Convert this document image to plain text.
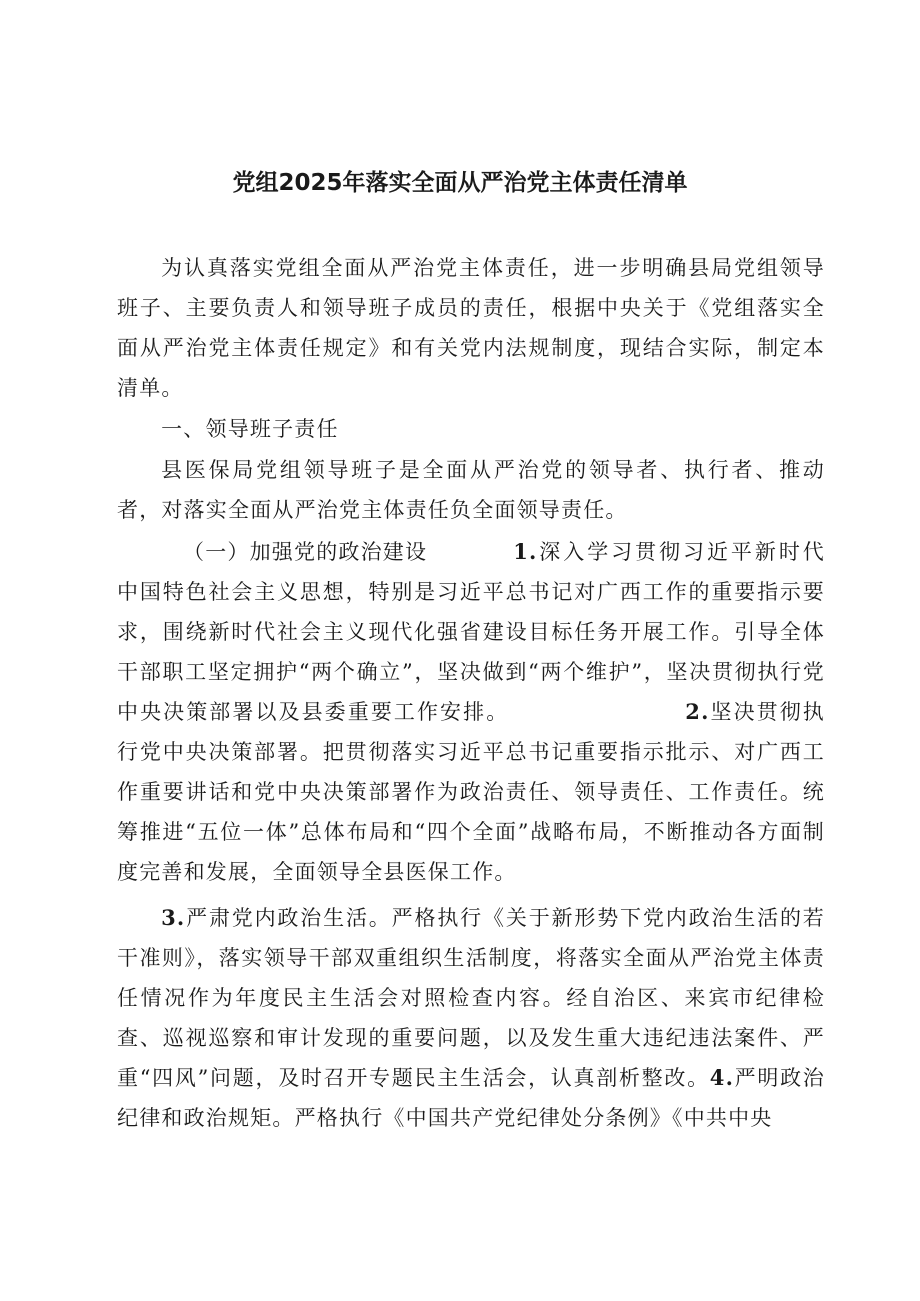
党组2025年落实全面从严治党主体责任清单

为认真落实党组全面从严治党主体责任，进一步明确县局党组领导班子、主要负责人和领导班子成员的责任，根据中央关于《党组落实全面从严治党主体责任规定》和有关党内法规制度，现结合实际，制定本清单。

一、领导班子责任

县医保局党组领导班子是全面从严治党的领导者、执行者、推动者，对落实全面从严治党主体责任负全面领导责任。

（一）加强党的政治建设	1.深入学习贯彻习近平新时代中国特色社会主义思想，特别是习近平总书记对广西工作的重要指示要求，围绕新时代社会主义现代化强省建设目标任务开展工作。引导全体干部职工坚定拥护“两个确立”，坚决做到“两个维护”，坚决贯彻执行党中央决策部署以及县委重要工作安排。	2.坚决贯彻执行党中央决策部署。把贯彻落实习近平总书记重要指示批示、对广西工作重要讲话和党中央决策部署作为政治责任、领导责任、工作责任。统筹推进“五位一体”总体布局和“四个全面”战略布局，不断推动各方面制度完善和发展，全面领导全县医保工作。

3.严肃党内政治生活。严格执行《关于新形势下党内政治生活的若干准则》，落实领导干部双重组织生活制度，将落实全面从严治党主体责任情况作为年度民主生活会对照检查内容。经自治区、来宾市纪律检查、巡视巡察和审计发现的重要问题，以及发生重大违纪违法案件、严重“四风”问题，及时召开专题民主生活会，认真剖析整改。4.严明政治纪律和政治规矩。严格执行《中国共产党纪律处分条例》《中共中央
